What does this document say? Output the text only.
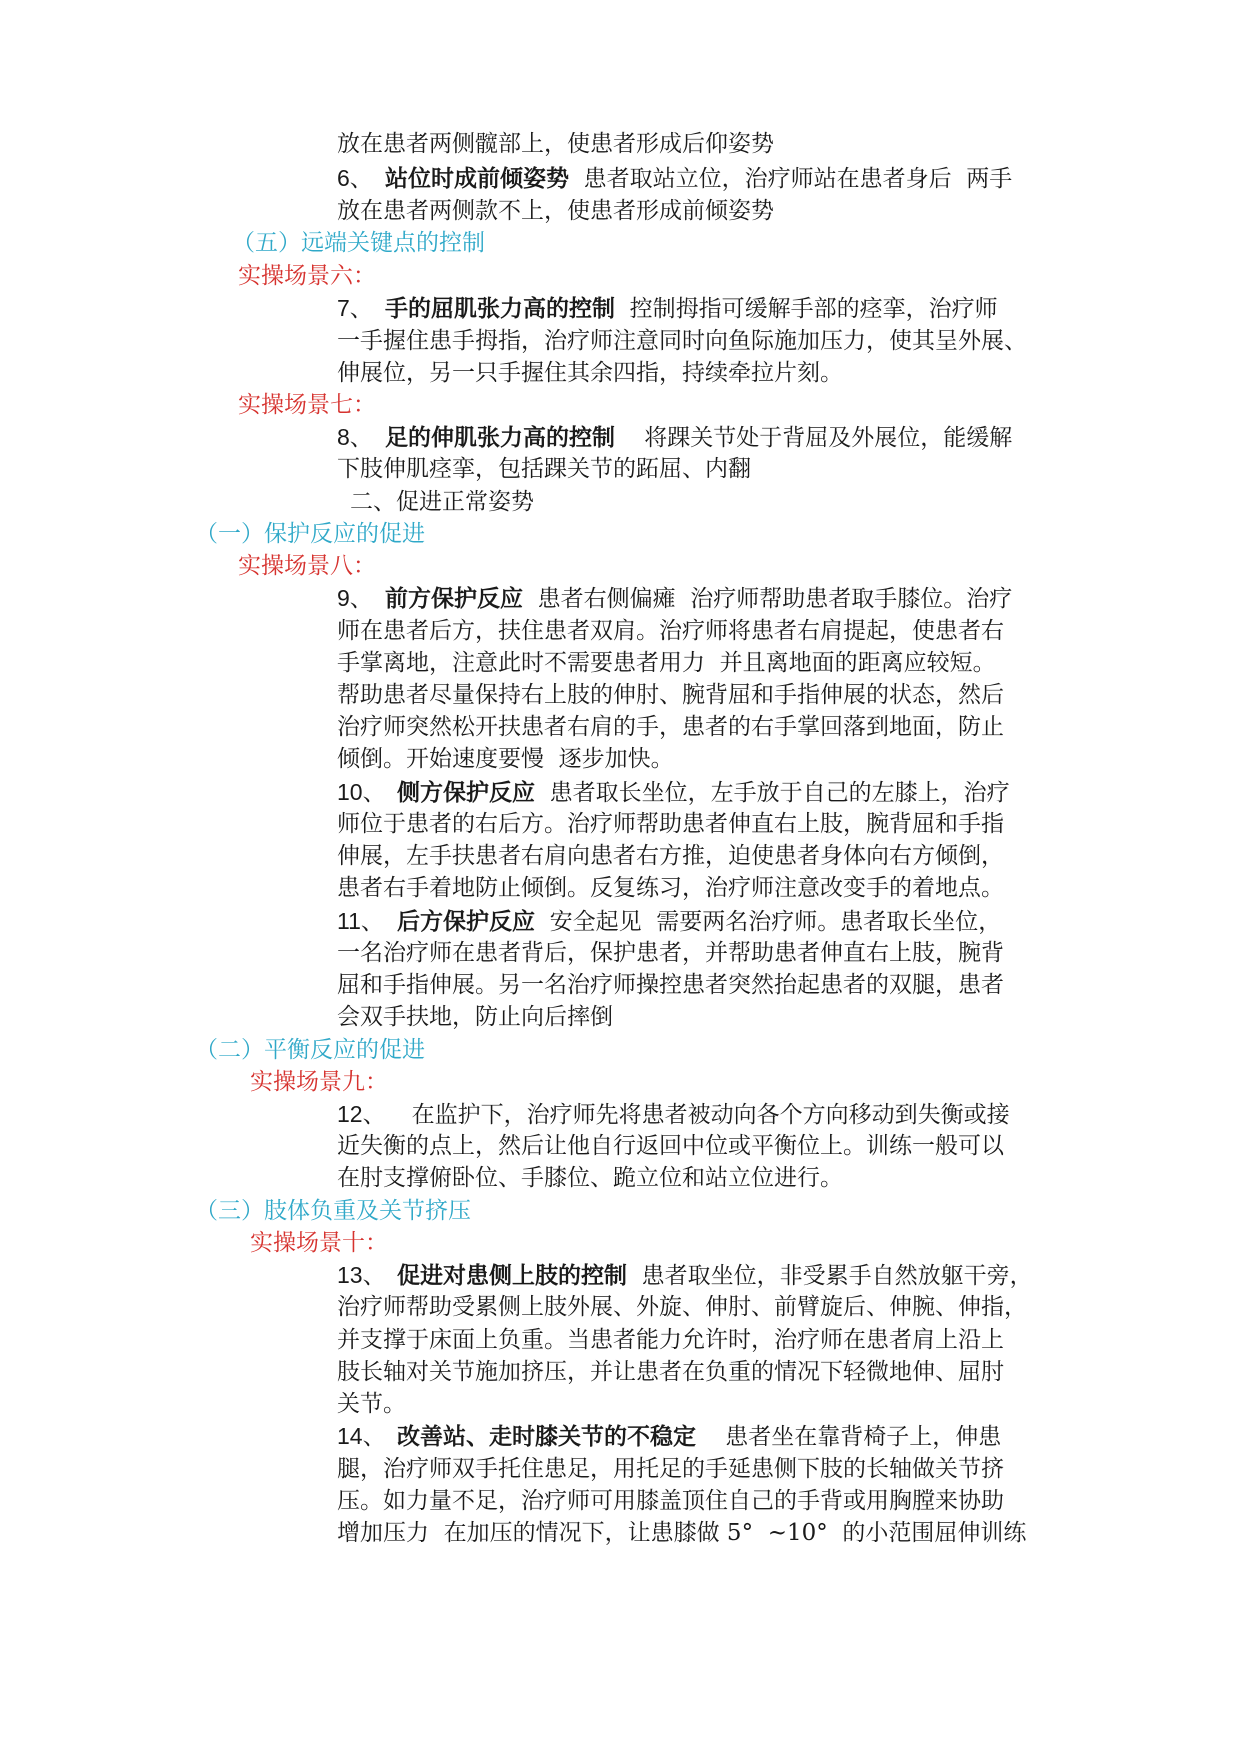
放在患者两侧髋部上，使患者形成后仰姿势
6、 站位时成前倾姿势  患者取站立位，治疗师站在患者身后  两手
放在患者两侧款不上，使患者形成前倾姿势
（五）远端关键点的控制
实操场景六：
7、 手的屈肌张力高的控制  控制拇指可缓解手部的痉挛，治疗师
一手握住患手拇指，治疗师注意同时向鱼际施加压力，使其呈外展、
伸展位，另一只手握住其余四指，持续牵拉片刻。
实操场景七：
8、 足的伸肌张力高的控制    将踝关节处于背屈及外展位，能缓解
下肢伸肌痉挛，包括踝关节的跖屈、内翻
二、促进正常姿势
（一）保护反应的促进
实操场景八：
9、 前方保护反应  患者右侧偏瘫  治疗师帮助患者取手膝位。治疗
师在患者后方，扶住患者双肩。治疗师将患者右肩提起，使患者右
手掌离地，注意此时不需要患者用力  并且离地面的距离应较短。
帮助患者尽量保持右上肢的伸肘、腕背屈和手指伸展的状态，然后
治疗师突然松开扶患者右肩的手，患者的右手掌回落到地面，防止
倾倒。开始速度要慢  逐步加快。
10、 侧方保护反应  患者取长坐位，左手放于自己的左膝上，治疗
师位于患者的右后方。治疗师帮助患者伸直右上肢，腕背屈和手指
伸展，左手扶患者右肩向患者右方推，迫使患者身体向右方倾倒，
患者右手着地防止倾倒。反复练习，治疗师注意改变手的着地点。
11、 后方保护反应  安全起见  需要两名治疗师。患者取长坐位，
一名治疗师在患者背后，保护患者，并帮助患者伸直右上肢，腕背
屈和手指伸展。另一名治疗师操控患者突然抬起患者的双腿，患者
会双手扶地，防止向后摔倒
（二）平衡反应的促进
实操场景九：
12、  在监护下，治疗师先将患者被动向各个方向移动到失衡或接
近失衡的点上，然后让他自行返回中位或平衡位上。训练一般可以
在肘支撑俯卧位、手膝位、跪立位和站立位进行。
（三）肢体负重及关节挤压
实操场景十：
13、 促进对患侧上肢的控制  患者取坐位，非受累手自然放躯干旁，
治疗师帮助受累侧上肢外展、外旋、伸肘、前臂旋后、伸腕、伸指，
并支撑于床面上负重。当患者能力允许时，治疗师在患者肩上沿上
肢长轴对关节施加挤压，并让患者在负重的情况下轻微地伸、屈肘
关节。
14、 改善站、走时膝关节的不稳定    患者坐在靠背椅子上，伸患
腿，治疗师双手托住患足，用托足的手延患侧下肢的长轴做关节挤
压。如力量不足，治疗师可用膝盖顶住自己的手背或用胸膛来协助
增加压力  在加压的情况下，让患膝做 5°  ~10°  的小范围屈伸训练
